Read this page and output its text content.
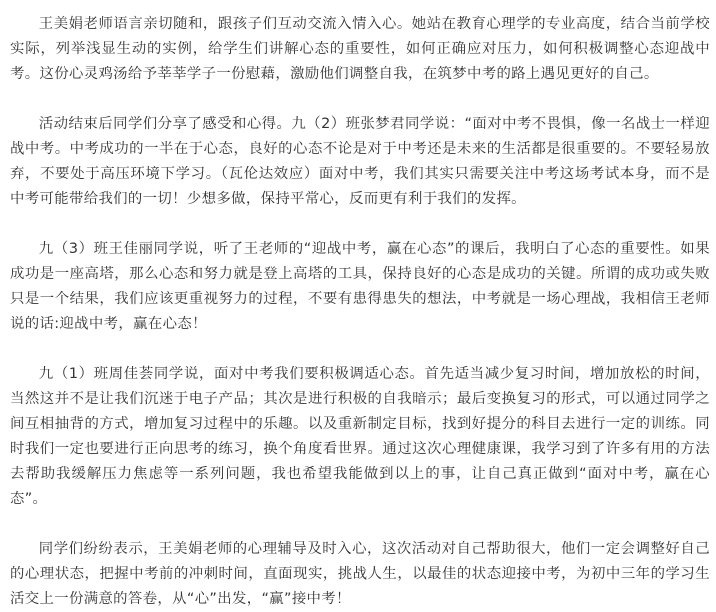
王美娟老师语言亲切随和，跟孩子们互动交流入情入心。她站在教育心理学的专业高度，结合当前学校实际，列举浅显生动的实例，给学生们讲解心态的重要性，如何正确应对压力，如何积极调整心态迎战中考。这份心灵鸡汤给予莘莘学子一份慰藉，激励他们调整自我，在筑梦中考的路上遇见更好的自己。

活动结束后同学们分享了感受和心得。九（2）班张梦君同学说：“面对中考不畏惧，像一名战士一样迎战中考。中考成功的一半在于心态，良好的心态不论是对于中考还是未来的生活都是很重要的。不要轻易放弃，不要处于高压环境下学习。（瓦伦达效应）面对中考，我们其实只需要关注中考这场考试本身，而不是中考可能带给我们的一切！少想多做，保持平常心，反而更有利于我们的发挥。

九（3）班王佳丽同学说，听了王老师的“迎战中考，赢在心态”的课后，我明白了心态的重要性。如果成功是一座高塔，那么心态和努力就是登上高塔的工具，保持良好的心态是成功的关键。所谓的成功或失败只是一个结果，我们应该更重视努力的过程，不要有患得患失的想法，中考就是一场心理战，我相信王老师说的话:迎战中考，赢在心态！

九（1）班周佳荟同学说，面对中考我们要积极调适心态。首先适当减少复习时间，增加放松的时间，当然这并不是让我们沉迷于电子产品；其次是进行积极的自我暗示；最后变换复习的形式，可以通过同学之间互相抽背的方式，增加复习过程中的乐趣。以及重新制定目标，找到好提分的科目去进行一定的训练。同时我们一定也要进行正向思考的练习，换个角度看世界。通过这次心理健康课，我学习到了许多有用的方法去帮助我缓解压力焦虑等一系列问题，我也希望我能做到以上的事，让自己真正做到“面对中考，赢在心态”。

同学们纷纷表示，王美娟老师的心理辅导及时入心，这次活动对自己帮助很大，他们一定会调整好自己的心理状态，把握中考前的冲刺时间，直面现实，挑战人生，以最佳的状态迎接中考，为初中三年的学习生活交上一份满意的答卷，从“心”出发，“赢”接中考！
